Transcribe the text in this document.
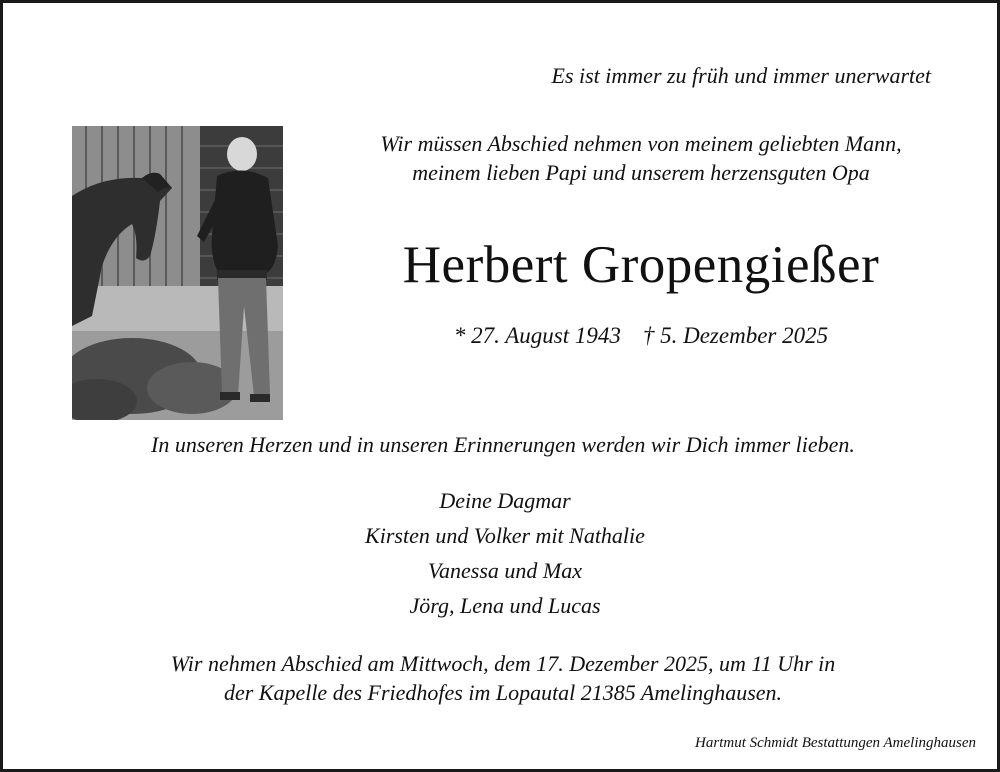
Es ist immer zu früh und immer unerwartet
Wir müssen Abschied nehmen von meinem geliebten Mann,
meinem lieben Papi und unserem herzensguten Opa
Herbert Gropengießer
* 27. August 1943 † 5. Dezember 2025
In unseren Herzen und in unseren Erinnerungen werden wir Dich immer lieben.
Deine Dagmar
Kirsten und Volker mit Nathalie
Vanessa und Max
Jörg, Lena und Lucas
Wir nehmen Abschied am Mittwoch, dem 17. Dezember 2025, um 11 Uhr in
der Kapelle des Friedhofes im Lopautal 21385 Amelinghausen.
Hartmut Schmidt Bestattungen Amelinghausen
